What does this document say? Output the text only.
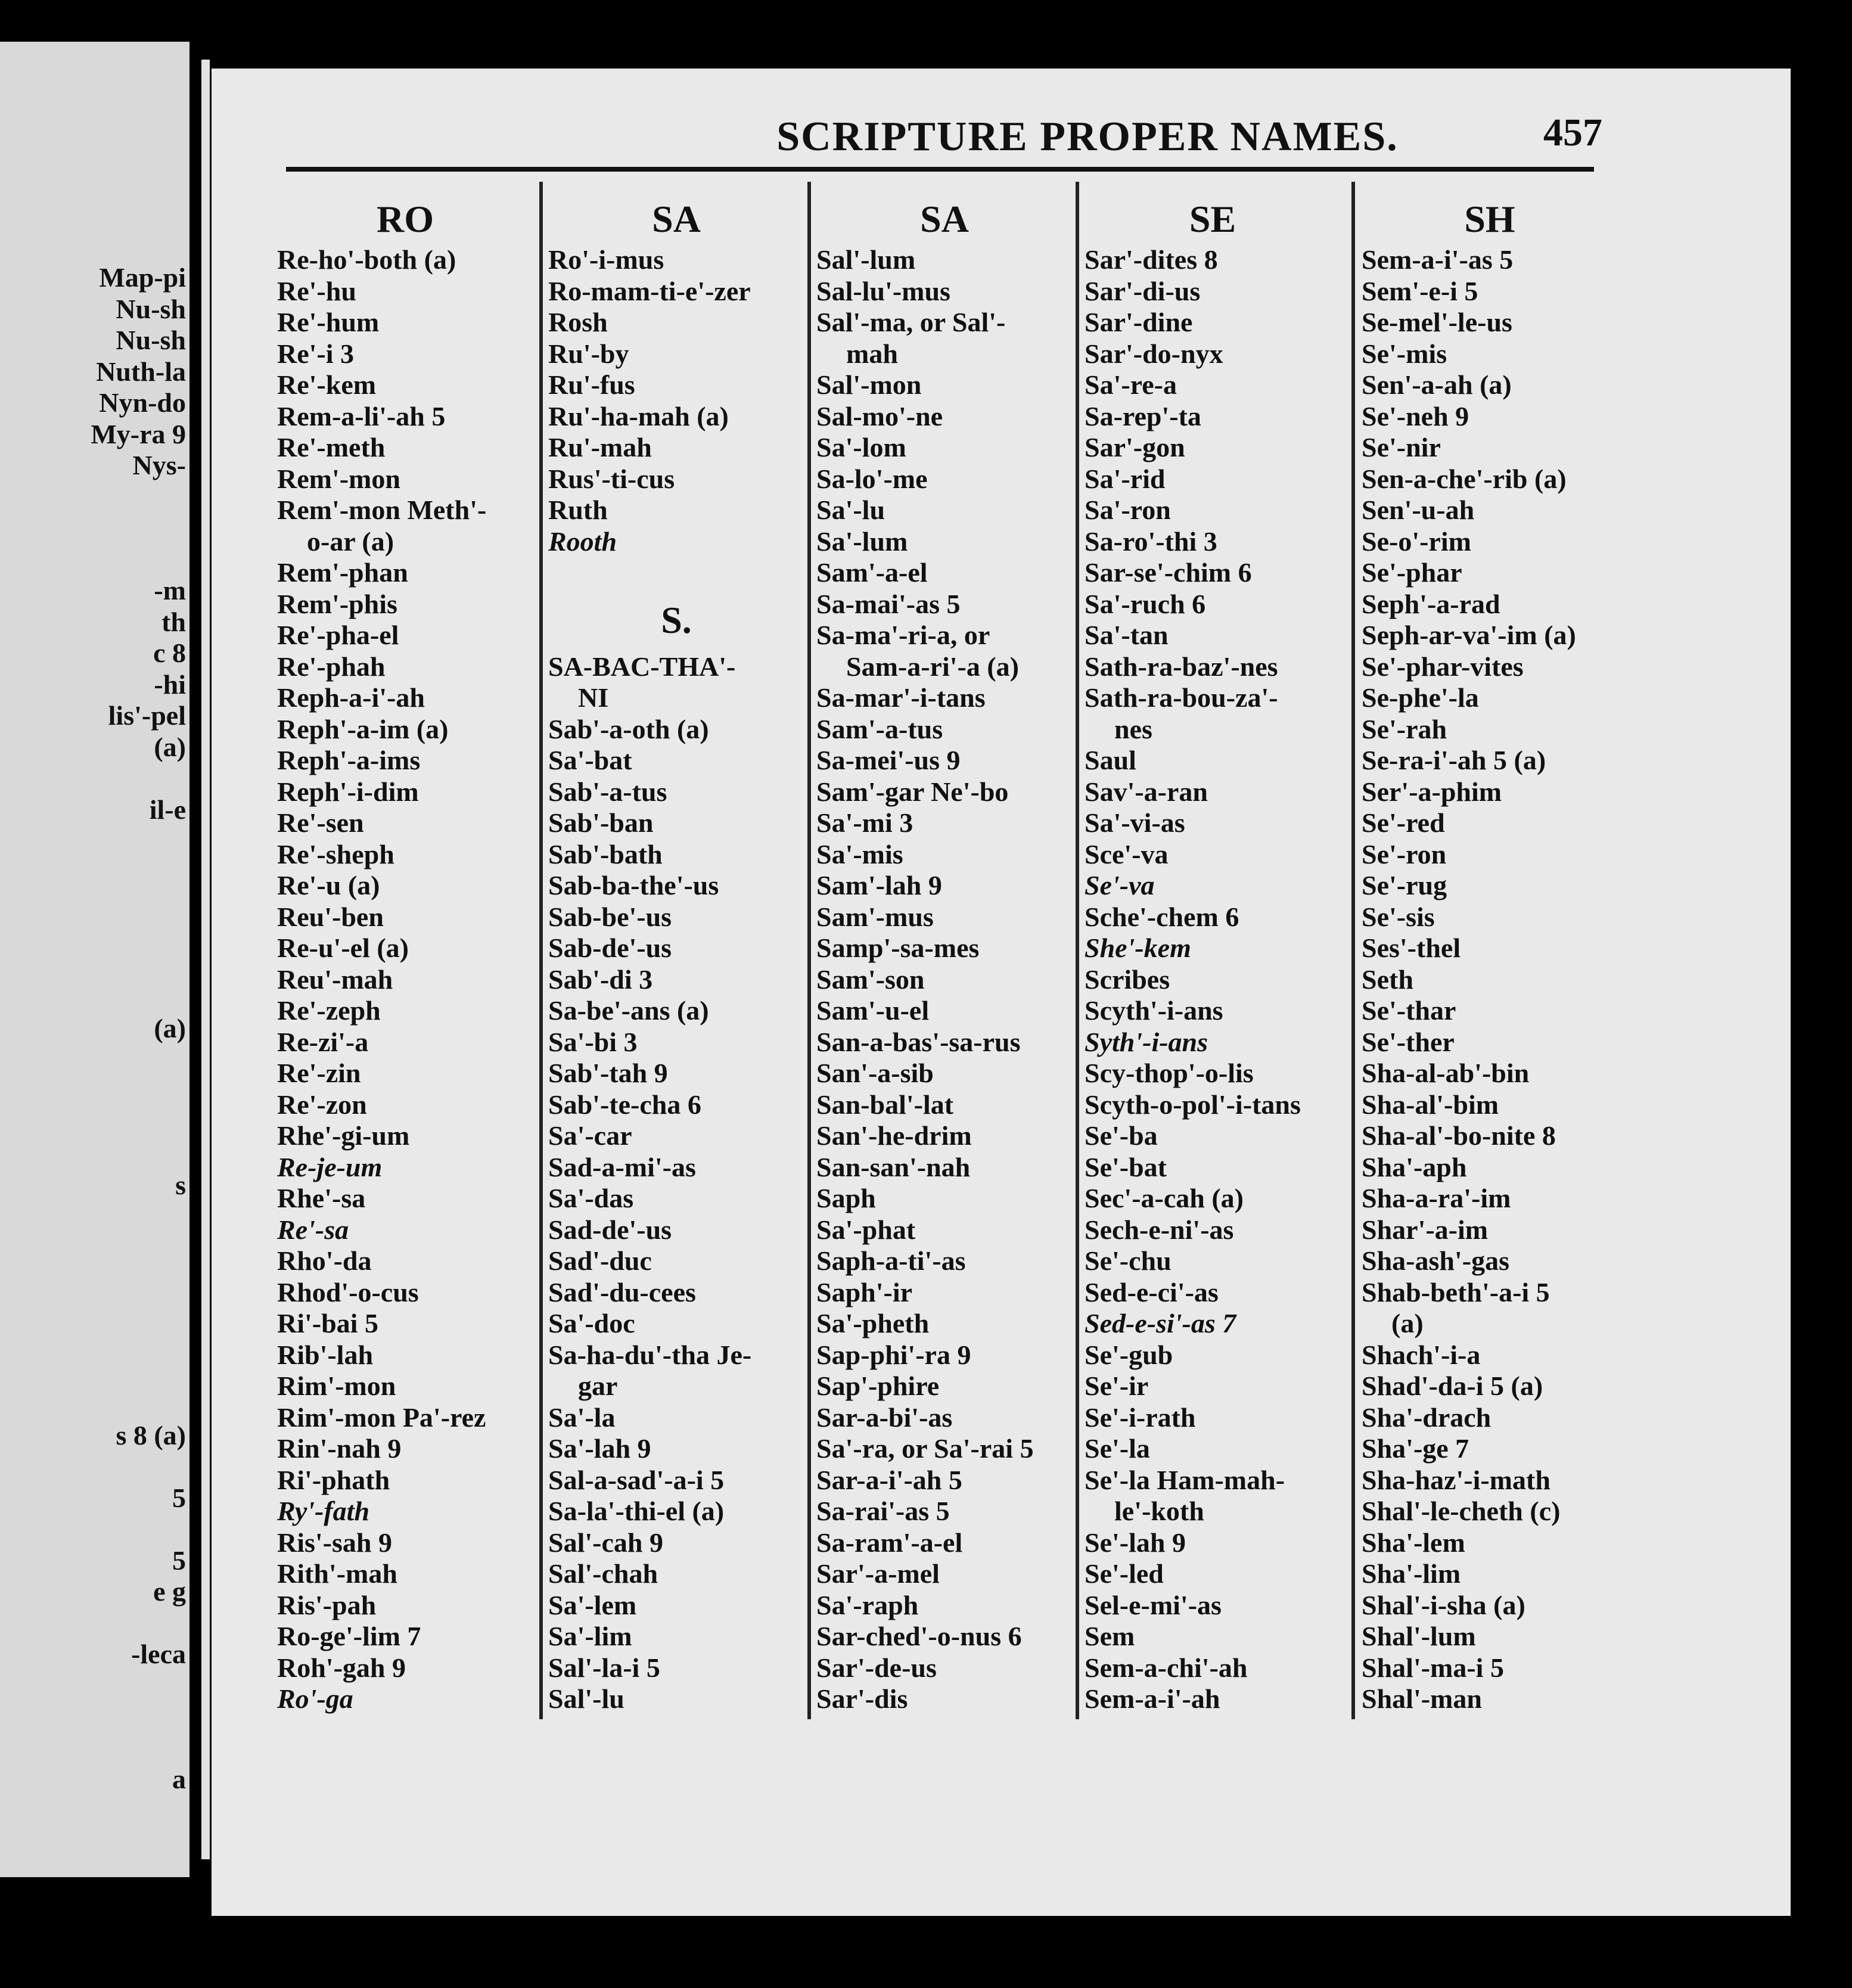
Map-pi
Nu-sh
Nu-sh
Nuth-la
Nyn-do
My-ra 9
Nys-
-m
th
c 8
-hi
lis'-pel
(a)
il-e
(a)
s
s 8 (a)
5
5
e g
-leca
a
SCRIPTURE PROPER NAMES.	457
RO
Re-ho'-both (a)
Re'-hu
Re'-hum
Re'-i 3
Re'-kem
Rem-a-li'-ah 5
Re'-meth
Rem'-mon
Rem'-mon Meth'-
o-ar (a)
Rem'-phan
Rem'-phis
Re'-pha-el
Re'-phah
Reph-a-i'-ah
Reph'-a-im (a)
Reph'-a-ims
Reph'-i-dim
Re'-sen
Re'-sheph
Re'-u (a)
Reu'-ben
Re-u'-el (a)
Reu'-mah
Re'-zeph
Re-zi'-a
Re'-zin
Re'-zon
Rhe'-gi-um
Re-je-um
Rhe'-sa
Re'-sa
Rho'-da
Rhod'-o-cus
Ri'-bai 5
Rib'-lah
Rim'-mon
Rim'-mon Pa'-rez
Rin'-nah 9
Ri'-phath
Ry'-fath
Ris'-sah 9
Rith'-mah
Ris'-pah
Ro-ge'-lim 7
Roh'-gah 9
Ro'-ga
SA
Ro'-i-mus
Ro-mam-ti-e'-zer
Rosh
Ru'-by
Ru'-fus
Ru'-ha-mah (a)
Ru'-mah
Rus'-ti-cus
Ruth
Rooth
S.
SA-BAC-THA'-
NI
Sab'-a-oth (a)
Sa'-bat
Sab'-a-tus
Sab'-ban
Sab'-bath
Sab-ba-the'-us
Sab-be'-us
Sab-de'-us
Sab'-di 3
Sa-be'-ans (a)
Sa'-bi 3
Sab'-tah 9
Sab'-te-cha 6
Sa'-car
Sad-a-mi'-as
Sa'-das
Sad-de'-us
Sad'-duc
Sad'-du-cees
Sa'-doc
Sa-ha-du'-tha Je-
gar
Sa'-la
Sa'-lah 9
Sal-a-sad'-a-i 5
Sa-la'-thi-el (a)
Sal'-cah 9
Sal'-chah
Sa'-lem
Sa'-lim
Sal'-la-i 5
Sal'-lu
SA
Sal'-lum
Sal-lu'-mus
Sal'-ma, or Sal'-
mah
Sal'-mon
Sal-mo'-ne
Sa'-lom
Sa-lo'-me
Sa'-lu
Sa'-lum
Sam'-a-el
Sa-mai'-as 5
Sa-ma'-ri-a, or
Sam-a-ri'-a (a)
Sa-mar'-i-tans
Sam'-a-tus
Sa-mei'-us 9
Sam'-gar Ne'-bo
Sa'-mi 3
Sa'-mis
Sam'-lah 9
Sam'-mus
Samp'-sa-mes
Sam'-son
Sam'-u-el
San-a-bas'-sa-rus
San'-a-sib
San-bal'-lat
San'-he-drim
San-san'-nah
Saph
Sa'-phat
Saph-a-ti'-as
Saph'-ir
Sa'-pheth
Sap-phi'-ra 9
Sap'-phire
Sar-a-bi'-as
Sa'-ra, or Sa'-rai 5
Sar-a-i'-ah 5
Sa-rai'-as 5
Sa-ram'-a-el
Sar'-a-mel
Sa'-raph
Sar-ched'-o-nus 6
Sar'-de-us
Sar'-dis
SE
Sar'-dites 8
Sar'-di-us
Sar'-dine
Sar'-do-nyx
Sa'-re-a
Sa-rep'-ta
Sar'-gon
Sa'-rid
Sa'-ron
Sa-ro'-thi 3
Sar-se'-chim 6
Sa'-ruch 6
Sa'-tan
Sath-ra-baz'-nes
Sath-ra-bou-za'-
nes
Saul
Sav'-a-ran
Sa'-vi-as
Sce'-va
Se'-va
Sche'-chem 6
She'-kem
Scribes
Scyth'-i-ans
Syth'-i-ans
Scy-thop'-o-lis
Scyth-o-pol'-i-tans
Se'-ba
Se'-bat
Sec'-a-cah (a)
Sech-e-ni'-as
Se'-chu
Sed-e-ci'-as
Sed-e-si'-as 7
Se'-gub
Se'-ir
Se'-i-rath
Se'-la
Se'-la Ham-mah-
le'-koth
Se'-lah 9
Se'-led
Sel-e-mi'-as
Sem
Sem-a-chi'-ah
Sem-a-i'-ah
SH
Sem-a-i'-as 5
Sem'-e-i 5
Se-mel'-le-us
Se'-mis
Sen'-a-ah (a)
Se'-neh 9
Se'-nir
Sen-a-che'-rib (a)
Sen'-u-ah
Se-o'-rim
Se'-phar
Seph'-a-rad
Seph-ar-va'-im (a)
Se'-phar-vites
Se-phe'-la
Se'-rah
Se-ra-i'-ah 5 (a)
Ser'-a-phim
Se'-red
Se'-ron
Se'-rug
Se'-sis
Ses'-thel
Seth
Se'-thar
Se'-ther
Sha-al-ab'-bin
Sha-al'-bim
Sha-al'-bo-nite 8
Sha'-aph
Sha-a-ra'-im
Shar'-a-im
Sha-ash'-gas
Shab-beth'-a-i 5
(a)
Shach'-i-a
Shad'-da-i 5 (a)
Sha'-drach
Sha'-ge 7
Sha-haz'-i-math
Shal'-le-cheth (c)
Sha'-lem
Sha'-lim
Shal'-i-sha (a)
Shal'-lum
Shal'-ma-i 5
Shal'-man
